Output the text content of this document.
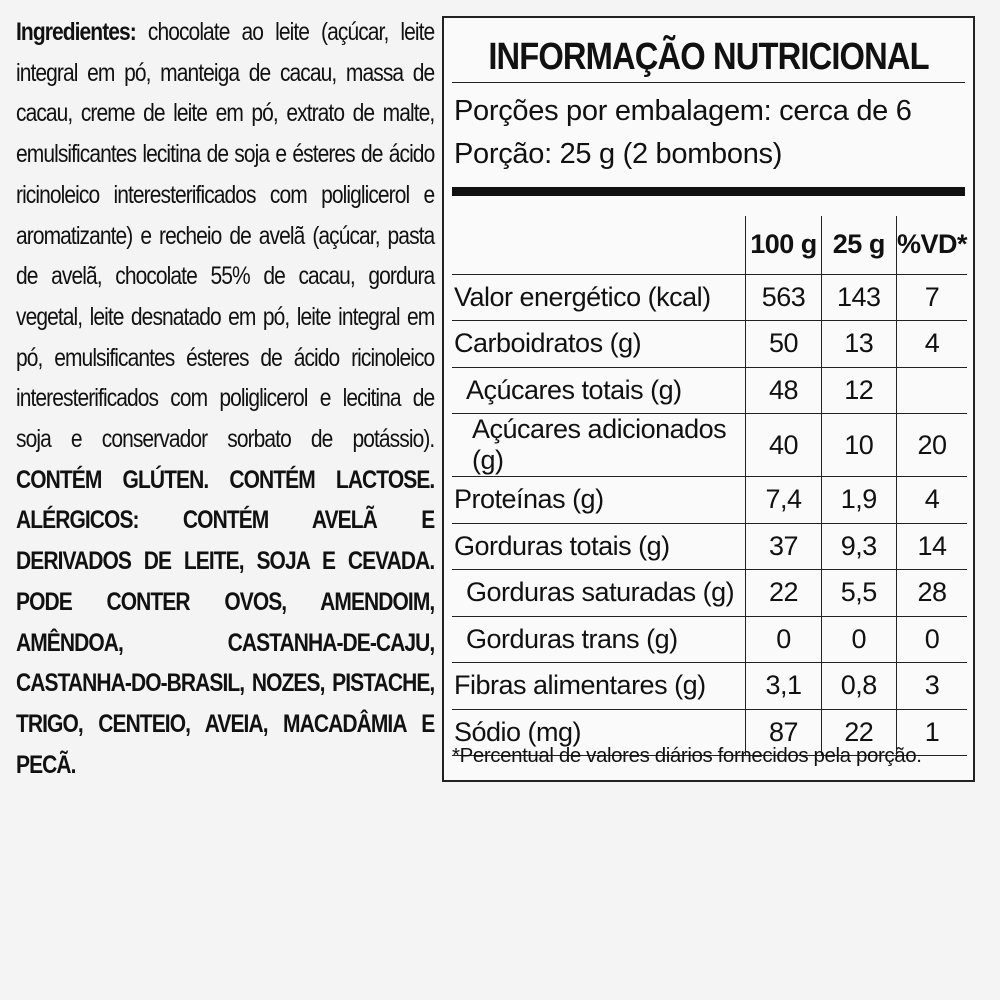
Ingredientes: chocolate ao leite (açúcar, leite integral em pó, manteiga de cacau, massa de cacau, creme de leite em pó, extrato de malte, emulsificantes lecitina de soja e ésteres de ácido ricinoleico interesterificados com poliglicerol e aromatizante) e recheio de avelã (açúcar, pasta de avelã, chocolate 55% de cacau, gordura vegetal, leite desnatado em pó, leite integral em pó, emulsificantes ésteres de ácido ricinoleico interesterificados com poliglicerol e lecitina de soja e conservador sorbato de potássio). CONTÉM GLÚTEN. CONTÉM LACTOSE. ALÉRGICOS: CONTÉM AVELÃ E DERIVADOS DE LEITE, SOJA E CEVADA. PODE CONTER OVOS, AMENDOIM, AMÊNDOA, CASTANHA-DE-CAJU, CASTANHA-DO-BRASIL, NOZES, PISTACHE, TRIGO, CENTEIO, AVEIA, MACADÂMIA E PECÃ.
INFORMAÇÃO NUTRICIONAL
Porções por embalagem: cerca de 6
Porção: 25 g (2 bombons)
	100 g	25 g	%VD*
Valor energético (kcal)	563	143	7
Carboidratos (g)	50	13	4
Açúcares totais (g)	48	12	
Açúcares adicionados (g)	40	10	20
Proteínas (g)	7,4	1,9	4
Gorduras totais (g)	37	9,3	14
Gorduras saturadas (g)	22	5,5	28
Gorduras trans (g)	0	0	0
Fibras alimentares (g)	3,1	0,8	3
Sódio (mg)	87	22	1
*Percentual de valores diários fornecidos pela porção.
